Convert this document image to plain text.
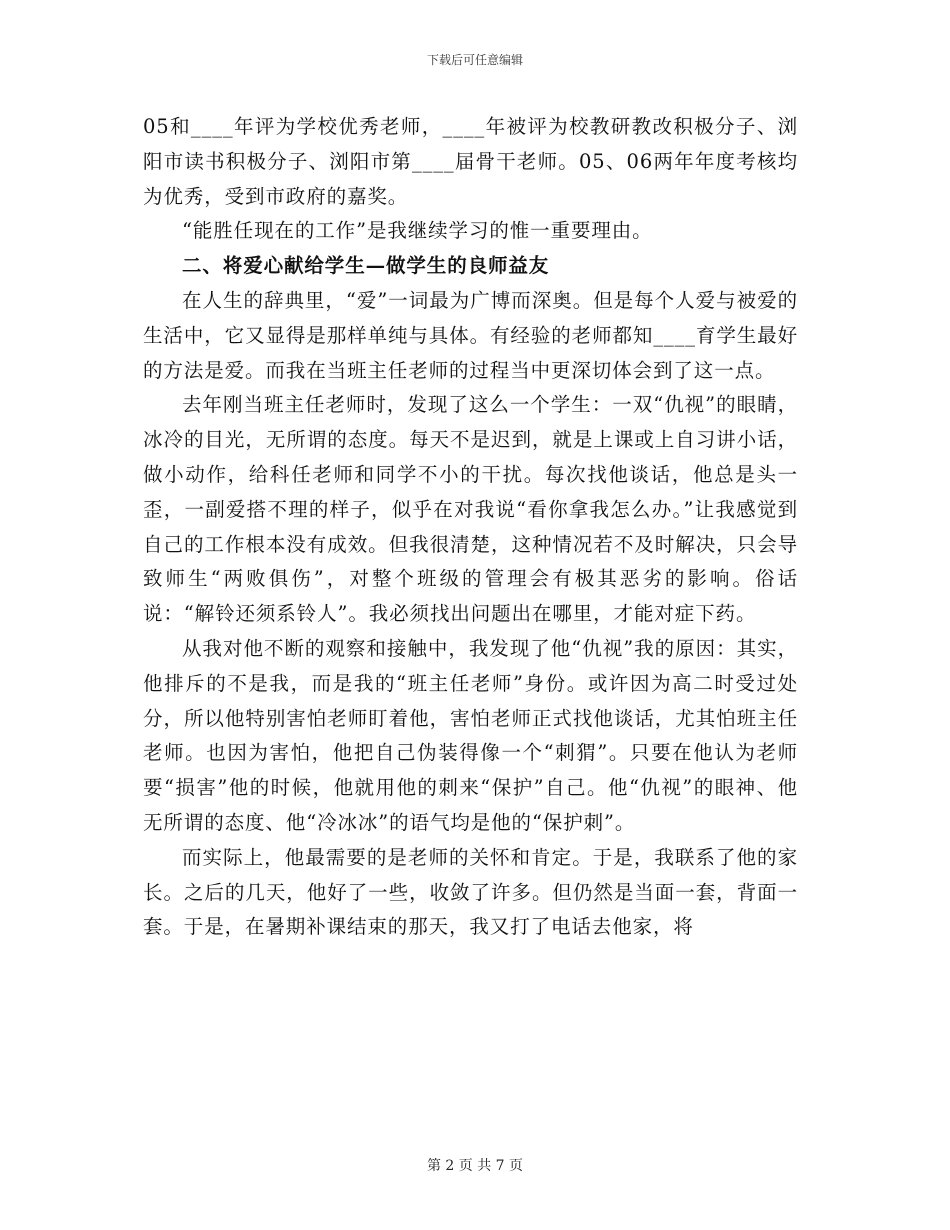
下载后可任意编辑

05和____年评为学校优秀老师，____年被评为校教研教改积极分子、浏阳市读书积极分子、浏阳市第____届骨干老师。05、06两年年度考核均为优秀，受到市政府的嘉奖。

“能胜任现在的工作”是我继续学习的惟一重要理由。

二、将爱心献给学生—做学生的良师益友

在人生的辞典里，“爱”一词最为广博而深奥。但是每个人爱与被爱的生活中，它又显得是那样单纯与具体。有经验的老师都知____育学生最好的方法是爱。而我在当班主任老师的过程当中更深切体会到了这一点。

去年刚当班主任老师时，发现了这么一个学生：一双“仇视”的眼睛，冰冷的目光，无所谓的态度。每天不是迟到，就是上课或上自习讲小话，做小动作，给科任老师和同学不小的干扰。每次找他谈话，他总是头一歪，一副爱搭不理的样子，似乎在对我说“看你拿我怎么办。”让我感觉到自己的工作根本没有成效。但我很清楚，这种情况若不及时解决，只会导致师生“两败俱伤”，对整个班级的管理会有极其恶劣的影响。俗话说：“解铃还须系铃人”。我必须找出问题出在哪里，才能对症下药。

从我对他不断的观察和接触中，我发现了他“仇视”我的原因：其实，他排斥的不是我，而是我的“班主任老师”身份。或许因为高二时受过处分，所以他特别害怕老师盯着他，害怕老师正式找他谈话，尤其怕班主任老师。也因为害怕，他把自己伪装得像一个“刺猬”。只要在他认为老师要“损害”他的时候，他就用他的刺来“保护”自己。他“仇视”的眼神、他无所谓的态度、他“冷冰冰”的语气均是他的“保护刺”。

而实际上，他最需要的是老师的关怀和肯定。于是，我联系了他的家长。之后的几天，他好了一些，收敛了许多。但仍然是当面一套，背面一套。于是，在暑期补课结束的那天，我又打了电话去他家，将

第 2 页 共 7 页
